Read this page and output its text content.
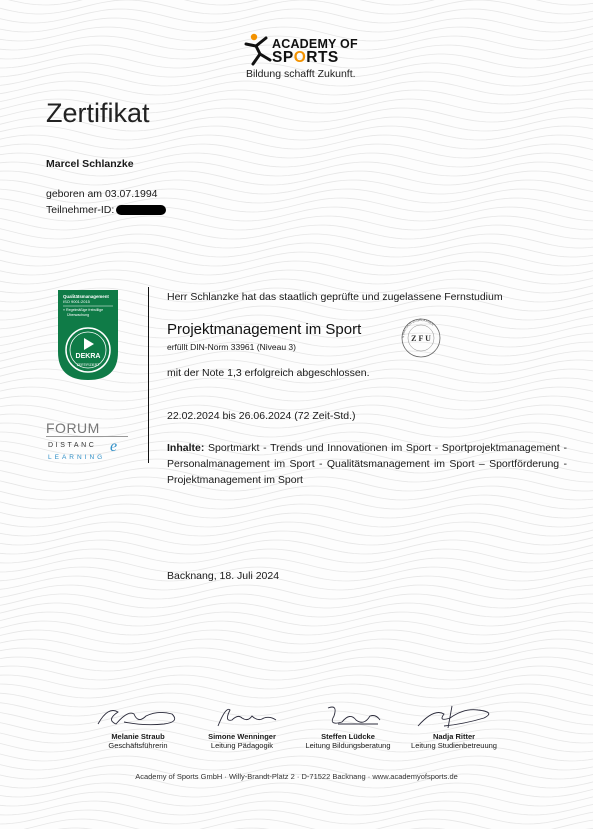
ACADEMY OF
SPORTS
Bildung schafft Zukunft.
Zertifikat
Marcel Schlanzke
geboren am 03.07.1994
Teilnehmer-ID:
Qualitätsmanagement
ISO 9001:2015
» Regelmäßige freiwillige
Überwachung
DEKRA
ZERTIFIZIERT
FORUM
DISTANC e
LEARNING
Herr Schlanzke hat das staatlich geprüfte und zugelassene Fernstudium
Projektmanagement im Sport
erfüllt DIN-Norm 33961 (Niveau 3)
STAATLICH ZUGELASSEN
Z F U
mit der Note 1,3 erfolgreich abgeschlossen.
22.02.2024 bis 26.06.2024 (72 Zeit-Std.)
Inhalte: Sportmarkt - Trends und Innovationen im Sport - Sportprojektmanagement - Personalmanagement im Sport - Qualitätsmanagement im Sport – Sportförderung - Projektmanagement im Sport
Backnang, 18. Juli 2024
Melanie Straub
Geschäftsführerin
Simone Wenninger
Leitung Pädagogik
Steffen Lüdcke
Leitung Bildungsberatung
Nadja Ritter
Leitung Studienbetreuung
Academy of Sports GmbH · Willy-Brandt-Platz 2 · D-71522 Backnang · www.academyofsports.de
